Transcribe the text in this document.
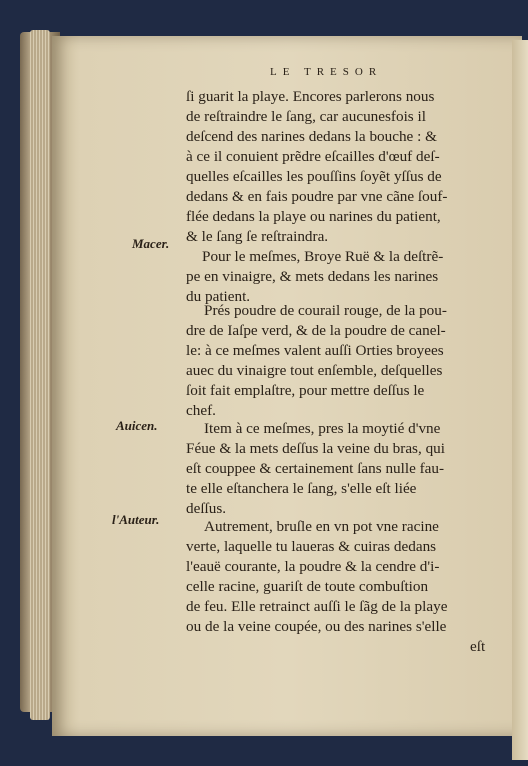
LE TRESOR
Macer.
Auicen.
l'Auteur.
ſi guarit la playe. Encores parlerons nous
de reſtraindre le ſang, car aucunesfois il
deſcend des narines dedans la bouche : &
à ce il conuient prẽdre eſcailles d'œuf deſ-
quelles eſcailles les pouſſins ſoyẽt yſſus de
dedans & en fais poudre par vne cãne ſouf-
flée dedans la playe ou narines du patient,
& le ſang ſe reſtraindra.
Pour le meſmes, Broye Ruë & la deſtrẽ-
pe en vinaigre, & mets dedans les narines
du patient.
Prés poudre de courail rouge, de la pou-
dre de Iaſpe verd, & de la poudre de canel-
le: à ce meſmes valent auſſi Orties broyees
auec du vinaigre tout enſemble, deſquelles
ſoit fait emplaſtre, pour mettre deſſus le
chef.
Item à ce meſmes, pres la moytié d'vne
Féue & la mets deſſus la veine du bras, qui
eſt couppee & certainement ſans nulle fau-
te elle eſtanchera le ſang, s'elle eſt liée
deſſus.
Autrement, bruſle en vn pot vne racine
verte, laquelle tu laueras & cuiras dedans
l'eauë courante, la poudre & la cendre d'i-
celle racine, guariſt de toute combuſtion
de feu. Elle retrainct auſſi le ſãg de la playe
ou de la veine coupée, ou des narines s'elle
eſt
